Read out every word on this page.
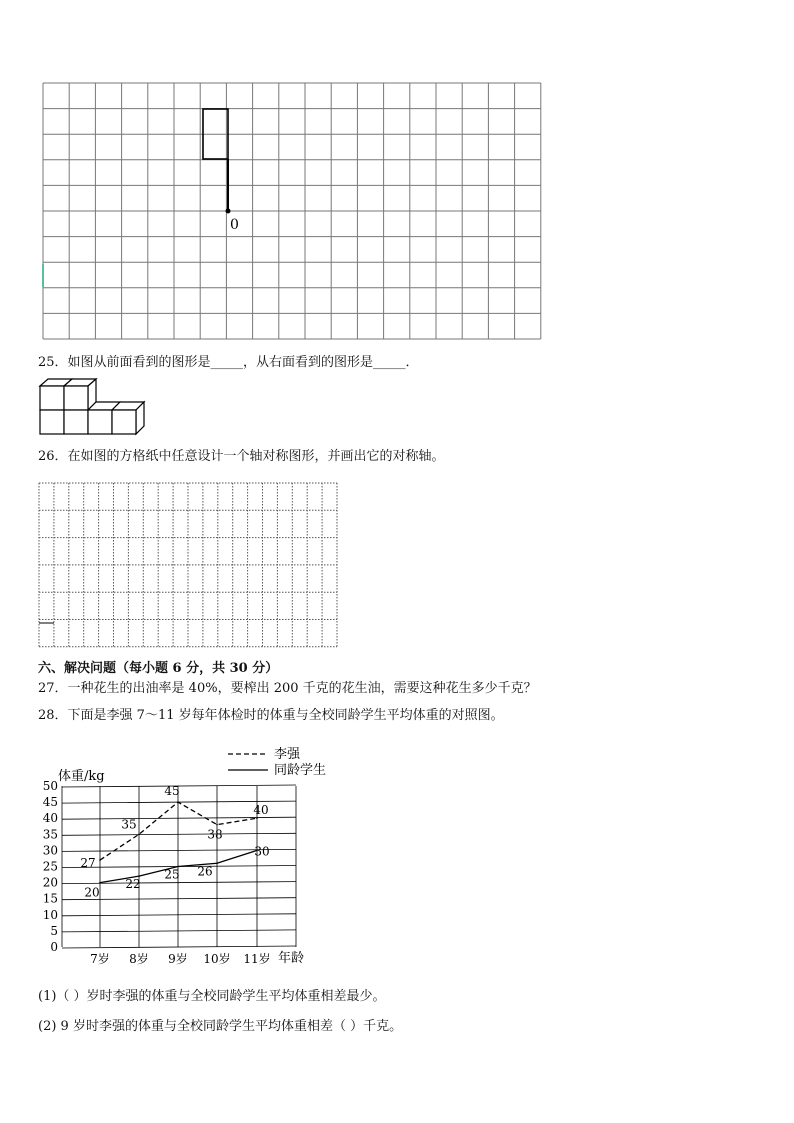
0
25．如图从前面看到的图形是_____，从右面看到的图形是_____．
26．在如图的方格纸中任意设计一个轴对称图形，并画出它的对称轴。
六、解决问题（每小题 6 分，共 30 分）
27．一种花生的出油率是 40%，要榨出 200 千克的花生油，需要这种花生多少千克？
28．下面是李强 7～11 岁每年体检时的体重与全校同龄学生平均体重的对照图。
李强
同龄学生
体重/kg
年龄
0
5
10
15
20
25
30
35
40
45
50
7岁 8岁 9岁 10岁 11岁
27
35
45
38
40
20
22
25 26
30
(1)（ ）岁时李强的体重与全校同龄学生平均体重相差最少。
(2) 9 岁时李强的体重与全校同龄学生平均体重相差（ ）千克。
